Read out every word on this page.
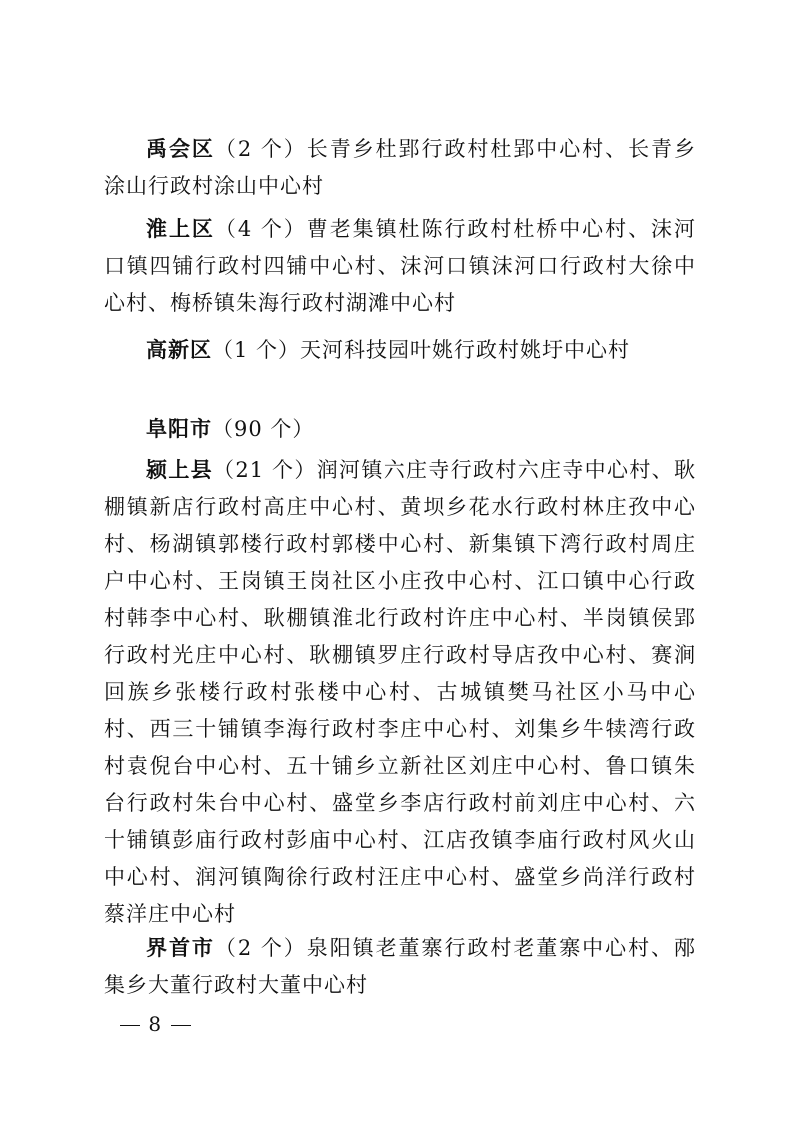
禹会区（2 个）长青乡杜郢行政村杜郢中心村、长青乡涂山行政村涂山中心村

淮上区（4 个）曹老集镇杜陈行政村杜桥中心村、沫河口镇四铺行政村四铺中心村、沫河口镇沫河口行政村大徐中心村、梅桥镇朱海行政村湖滩中心村

高新区（1 个）天河科技园叶姚行政村姚圩中心村

阜阳市（90 个）

颍上县（21 个）润河镇六庄寺行政村六庄寺中心村、耿棚镇新店行政村高庄中心村、黄坝乡花水行政村林庄孜中心村、杨湖镇郭楼行政村郭楼中心村、新集镇下湾行政村周庄户中心村、王岗镇王岗社区小庄孜中心村、江口镇中心行政村韩李中心村、耿棚镇淮北行政村许庄中心村、半岗镇侯郢行政村光庄中心村、耿棚镇罗庄行政村导店孜中心村、赛涧回族乡张楼行政村张楼中心村、古城镇樊马社区小马中心村、西三十铺镇李海行政村李庄中心村、刘集乡牛犊湾行政村袁倪台中心村、五十铺乡立新社区刘庄中心村、鲁口镇朱台行政村朱台中心村、盛堂乡李店行政村前刘庄中心村、六十铺镇彭庙行政村彭庙中心村、江店孜镇李庙行政村风火山中心村、润河镇陶徐行政村汪庄中心村、盛堂乡尚洋行政村蔡洋庄中心村

界首市（2 个）泉阳镇老董寨行政村老董寨中心村、邴集乡大董行政村大董中心村

8
